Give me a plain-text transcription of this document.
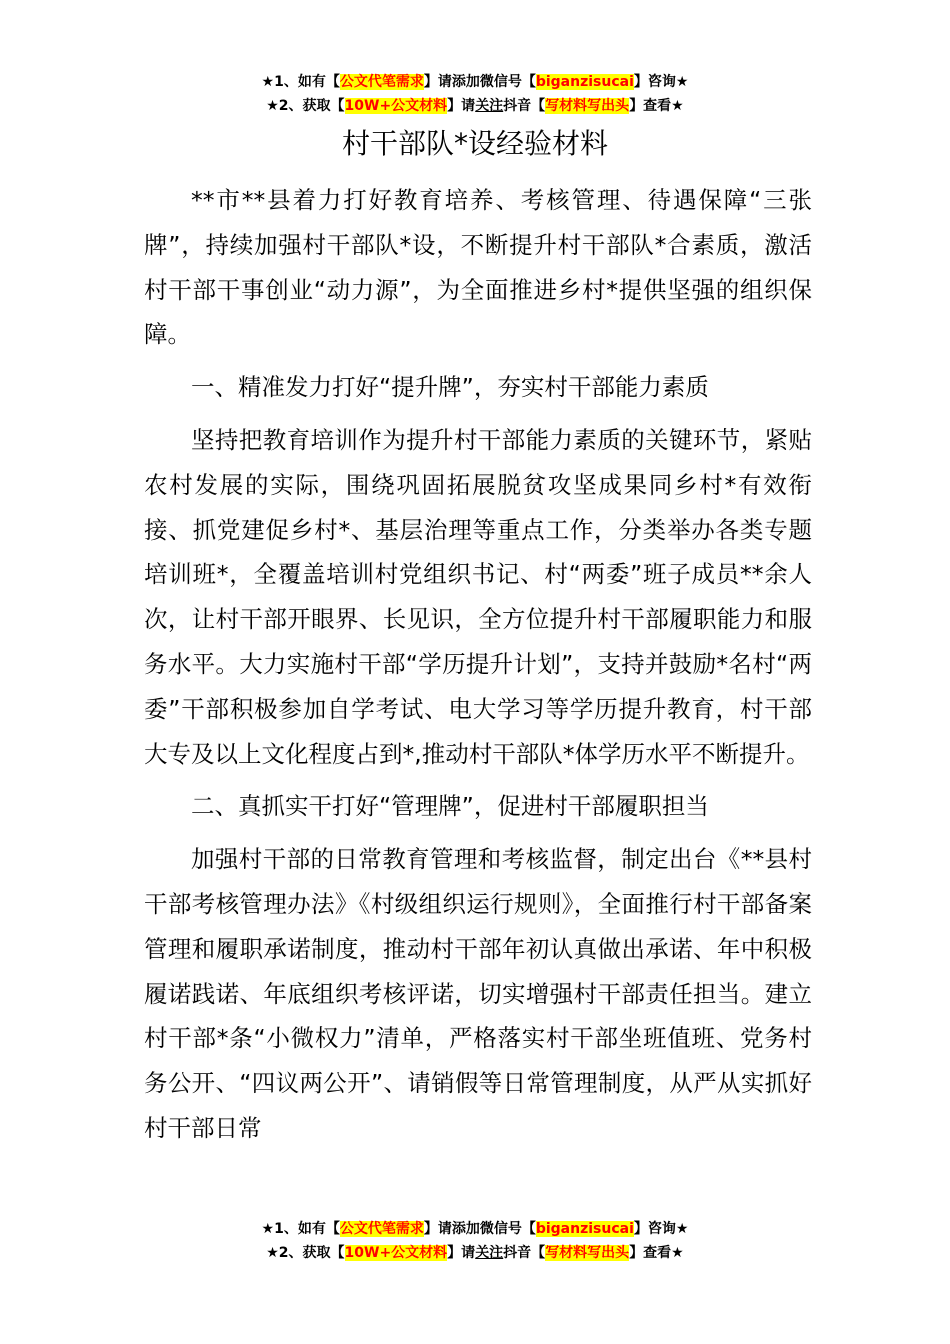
★1、如有【公文代笔需求】请添加微信号【biganzisucai】咨询★
★2、获取【10W+公文材料】请关注抖音【写材料写出头】查看★
村干部队*设经验材料

**市**县着力打好教育培养、考核管理、待遇保障“三张牌”，持续加强村干部队*设，不断提升村干部队*合素质，激活村干部干事创业“动力源”，为全面推进乡村*提供坚强的组织保障。

一、精准发力打好“提升牌”，夯实村干部能力素质

坚持把教育培训作为提升村干部能力素质的关键环节，紧贴农村发展的实际，围绕巩固拓展脱贫攻坚成果同乡村*有效衔接、抓党建促乡村*、基层治理等重点工作，分类举办各类专题培训班*，全覆盖培训村党组织书记、村“两委”班子成员**余人次，让村干部开眼界、长见识，全方位提升村干部履职能力和服务水平。大力实施村干部“学历提升计划”，支持并鼓励*名村“两委”干部积极参加自学考试、电大学习等学历提升教育，村干部大专及以上文化程度占到*,推动村干部队*体学历水平不断提升。

二、真抓实干打好“管理牌”，促进村干部履职担当

加强村干部的日常教育管理和考核监督，制定出台《**县村干部考核管理办法》《村级组织运行规则》，全面推行村干部备案管理和履职承诺制度，推动村干部年初认真做出承诺、年中积极履诺践诺、年底组织考核评诺，切实增强村干部责任担当。建立村干部*条“小微权力”清单，严格落实村干部坐班值班、党务村务公开、“四议两公开”、请销假等日常管理制度，从严从实抓好村干部日常

★1、如有【公文代笔需求】请添加微信号【biganzisucai】咨询★
★2、获取【10W+公文材料】请关注抖音【写材料写出头】查看★
